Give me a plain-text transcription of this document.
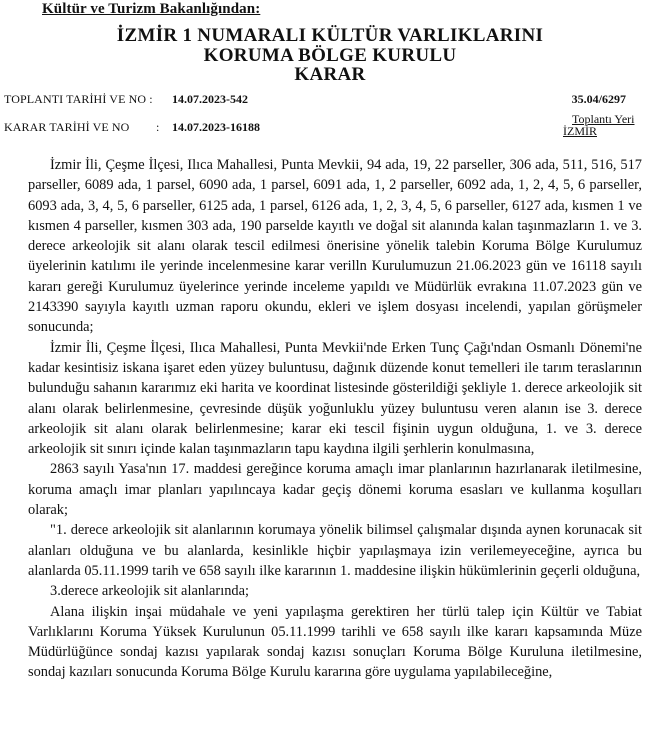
Kültür ve Turizm Bakanlığından:
İZMİR 1 NUMARALI KÜLTÜR VARLIKLARINI
KORUMA BÖLGE KURULU
KARAR
TOPLANTI TARİHİ VE NO : 14.07.2023-542
KARAR TARİHİ VE NO : 14.07.2023-16188
35.04/6297
Toplantı Yeri
İZMİR

İzmir İli, Çeşme İlçesi, Ilıca Mahallesi, Punta Mevkii, 94 ada, 19, 22 parseller, 306 ada, 511, 516, 517 parseller, 6089 ada, 1 parsel, 6090 ada, 1 parsel, 6091 ada, 1, 2 parseller, 6092 ada, 1, 2, 4, 5, 6 parseller, 6093 ada, 3, 4, 5, 6 parseller, 6125 ada, 1 parsel, 6126 ada, 1, 2, 3, 4, 5, 6 parseller, 6127 ada, kısmen 1 ve kısmen 4 parseller, kısmen 303 ada, 190 parselde kayıtlı ve doğal sit alanında kalan taşınmazların 1. ve 3. derece arkeolojik sit alanı olarak tescil edilmesi önerisine yönelik talebin Koruma Bölge Kurulumuz üyelerinin katılımı ile yerinde incelenmesine karar verilln Kurulumuzun 21.06.2023 gün ve 16118 sayılı kararı gereği Kurulumuz üyelerince yerinde inceleme yapıldı ve Müdürlük evrakına 11.07.2023 gün ve 2143390 sayıyla kayıtlı uzman raporu okundu, ekleri ve işlem dosyası incelendi, yapılan görüşmeler sonucunda;

İzmir İli, Çeşme İlçesi, Ilıca Mahallesi, Punta Mevkii'nde Erken Tunç Çağı'ndan Osmanlı Dönemi'ne kadar kesintisiz iskana işaret eden yüzey buluntusu, dağınık düzende konut temelleri ile tarım teraslarının bulunduğu sahanın kararımız eki harita ve koordinat listesinde gösterildiği şekliyle 1. derece arkeolojik sit alanı olarak belirlenmesine, çevresinde düşük yoğunluklu yüzey buluntusu veren alanın ise 3. derece arkeolojik sit alanı olarak belirlenmesine; karar eki tescil fişinin uygun olduğuna, 1. ve 3. derece arkeolojik sit sınırı içinde kalan taşınmazların tapu kaydına ilgili şerhlerin konulmasına,

2863 sayılı Yasa'nın 17. maddesi gereğince koruma amaçlı imar planlarının hazırlanarak iletilmesine, koruma amaçlı imar planları yapılıncaya kadar geçiş dönemi koruma esasları ve kullanma koşulları olarak;

"1. derece arkeolojik sit alanlarının korumaya yönelik bilimsel çalışmalar dışında aynen korunacak sit alanları olduğuna ve bu alanlarda, kesinlikle hiçbir yapılaşmaya izin verilemeyeceğine, ayrıca bu alanlarda 05.11.1999 tarih ve 658 sayılı ilke kararının 1. maddesine ilişkin hükümlerinin geçerli olduğuna,

3.derece arkeolojik sit alanlarında;

Alana ilişkin inşai müdahale ve yeni yapılaşma gerektiren her türlü talep için Kültür ve Tabiat Varlıklarını Koruma Yüksek Kurulunun 05.11.1999 tarihli ve 658 sayılı ilke kararı kapsamında Müze Müdürlüğünce sondaj kazısı yapılarak sondaj kazısı sonuçları Koruma Bölge Kuruluna iletilmesine, sondaj kazıları sonucunda Koruma Bölge Kurulu kararına göre uygulama yapılabileceğine,
